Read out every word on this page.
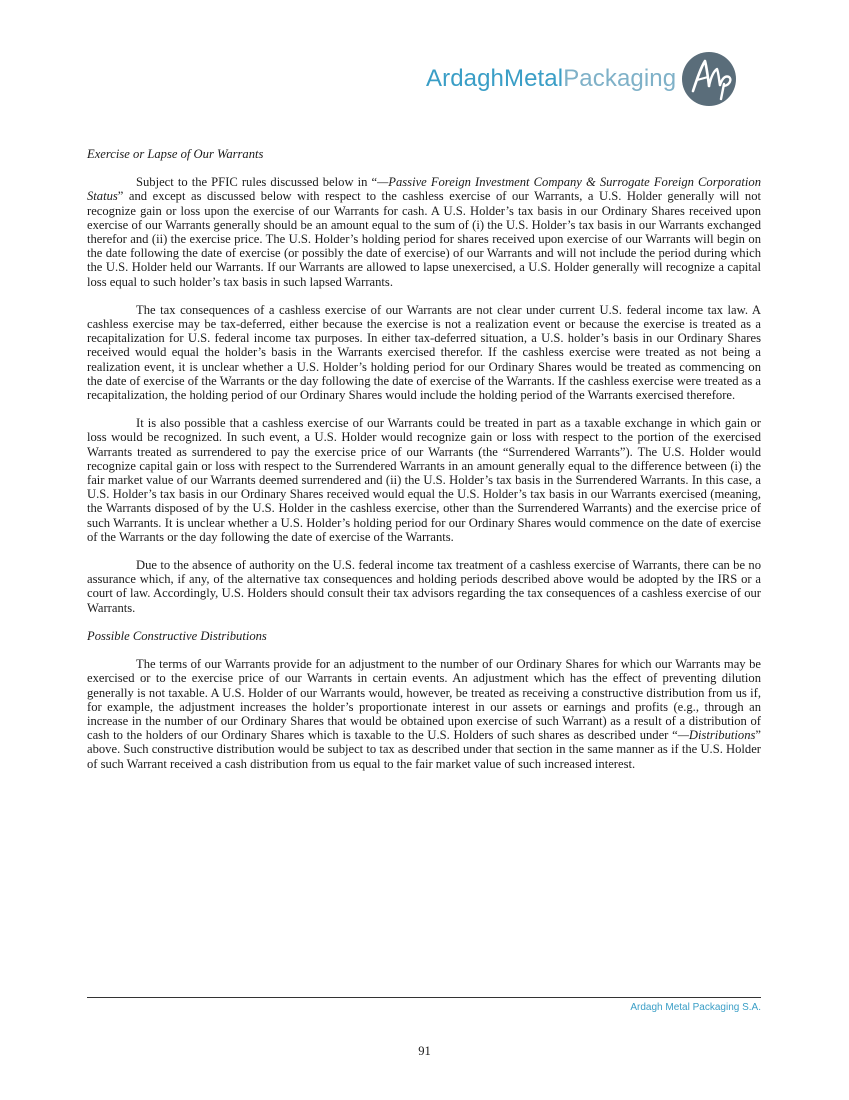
ArdaghMetalPackaging

Exercise or Lapse of Our Warrants

Subject to the PFIC rules discussed below in “—Passive Foreign Investment Company & Surrogate Foreign Corporation Status” and except as discussed below with respect to the cashless exercise of our Warrants, a U.S. Holder generally will not recognize gain or loss upon the exercise of our Warrants for cash. A U.S. Holder’s tax basis in our Ordinary Shares received upon exercise of our Warrants generally should be an amount equal to the sum of (i) the U.S. Holder’s tax basis in our Warrants exchanged therefor and (ii) the exercise price. The U.S. Holder’s holding period for shares received upon exercise of our Warrants will begin on the date following the date of exercise (or possibly the date of exercise) of our Warrants and will not include the period during which the U.S. Holder held our Warrants. If our Warrants are allowed to lapse unexercised, a U.S. Holder generally will recognize a capital loss equal to such holder’s tax basis in such lapsed Warrants.

The tax consequences of a cashless exercise of our Warrants are not clear under current U.S. federal income tax law. A cashless exercise may be tax-deferred, either because the exercise is not a realization event or because the exercise is treated as a recapitalization for U.S. federal income tax purposes. In either tax-deferred situation, a U.S. holder’s basis in our Ordinary Shares received would equal the holder’s basis in the Warrants exercised therefor. If the cashless exercise were treated as not being a realization event, it is unclear whether a U.S. Holder’s holding period for our Ordinary Shares would be treated as commencing on the date of exercise of the Warrants or the day following the date of exercise of the Warrants. If the cashless exercise were treated as a recapitalization, the holding period of our Ordinary Shares would include the holding period of the Warrants exercised therefore.

It is also possible that a cashless exercise of our Warrants could be treated in part as a taxable exchange in which gain or loss would be recognized. In such event, a U.S. Holder would recognize gain or loss with respect to the portion of the exercised Warrants treated as surrendered to pay the exercise price of our Warrants (the “Surrendered Warrants”). The U.S. Holder would recognize capital gain or loss with respect to the Surrendered Warrants in an amount generally equal to the difference between (i) the fair market value of our Warrants deemed surrendered and (ii) the U.S. Holder’s tax basis in the Surrendered Warrants. In this case, a U.S. Holder’s tax basis in our Ordinary Shares received would equal the U.S. Holder’s tax basis in our Warrants exercised (meaning, the Warrants disposed of by the U.S. Holder in the cashless exercise, other than the Surrendered Warrants) and the exercise price of such Warrants. It is unclear whether a U.S. Holder’s holding period for our Ordinary Shares would commence on the date of exercise of the Warrants or the day following the date of exercise of the Warrants.

Due to the absence of authority on the U.S. federal income tax treatment of a cashless exercise of Warrants, there can be no assurance which, if any, of the alternative tax consequences and holding periods described above would be adopted by the IRS or a court of law. Accordingly, U.S. Holders should consult their tax advisors regarding the tax consequences of a cashless exercise of our Warrants.

Possible Constructive Distributions

The terms of our Warrants provide for an adjustment to the number of our Ordinary Shares for which our Warrants may be exercised or to the exercise price of our Warrants in certain events. An adjustment which has the effect of preventing dilution generally is not taxable. A U.S. Holder of our Warrants would, however, be treated as receiving a constructive distribution from us if, for example, the adjustment increases the holder’s proportionate interest in our assets or earnings and profits (e.g., through an increase in the number of our Ordinary Shares that would be obtained upon exercise of such Warrant) as a result of a distribution of cash to the holders of our Ordinary Shares which is taxable to the U.S. Holders of such shares as described under “—Distributions” above. Such constructive distribution would be subject to tax as described under that section in the same manner as if the U.S. Holder of such Warrant received a cash distribution from us equal to the fair market value of such increased interest.

Ardagh Metal Packaging S.A.
91
